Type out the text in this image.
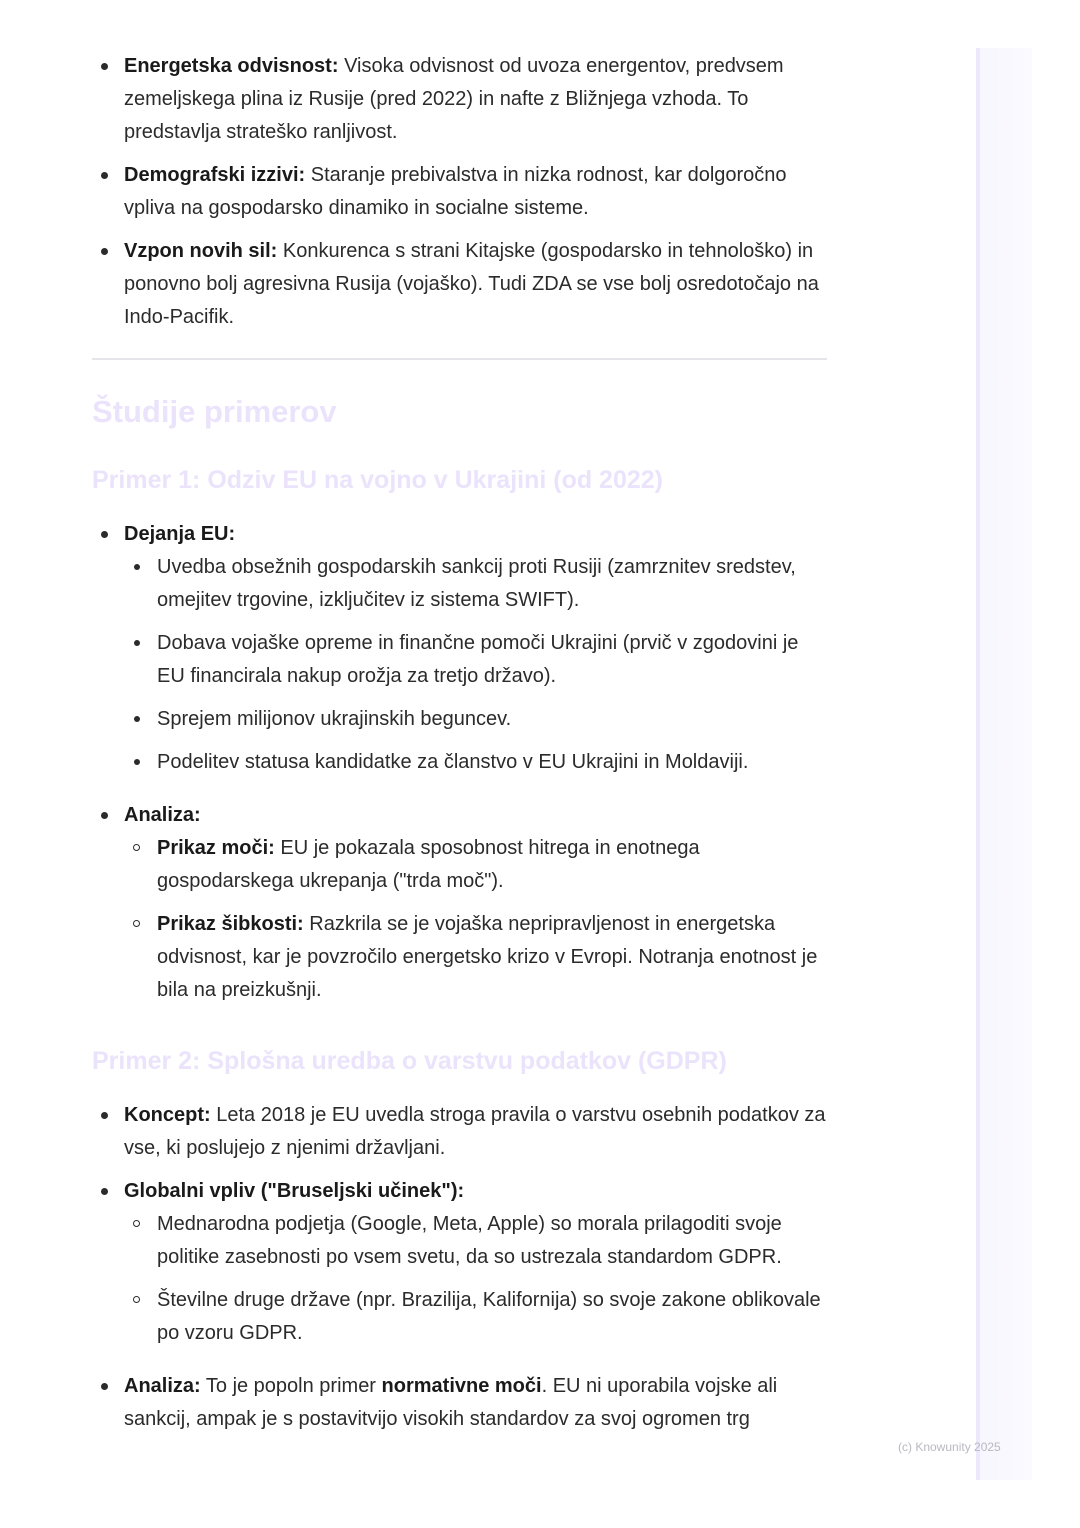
(c) Knowunity 2025
Energetska odvisnost: Visoka odvisnost od uvoza energentov, predvsem zemeljskega plina iz Rusije (pred 2022) in nafte z Bližnjega vzhoda. To predstavlja strateško ranljivost.
Demografski izzivi: Staranje prebivalstva in nizka rodnost, kar dolgoročno vpliva na gospodarsko dinamiko in socialne sisteme.
Vzpon novih sil: Konkurenca s strani Kitajske (gospodarsko in tehnološko) in ponovno bolj agresivna Rusija (vojaško). Tudi ZDA se vse bolj osredotočajo na Indo-Pacifik.
Študije primerov
Primer 1: Odziv EU na vojno v Ukrajini (od 2022)
Dejanja EU:
Uvedba obsežnih gospodarskih sankcij proti Rusiji (zamrznitev sredstev, omejitev trgovine, izključitev iz sistema SWIFT).
Dobava vojaške opreme in finančne pomoči Ukrajini (prvič v zgodovini je EU financirala nakup orožja za tretjo državo).
Sprejem milijonov ukrajinskih beguncev.
Podelitev statusa kandidatke za članstvo v EU Ukrajini in Moldaviji.
Analiza:
Prikaz moči: EU je pokazala sposobnost hitrega in enotnega gospodarskega ukrepanja ("trda moč").
Prikaz šibkosti: Razkrila se je vojaška nepripravljenost in energetska odvisnost, kar je povzročilo energetsko krizo v Evropi. Notranja enotnost je bila na preizkušnji.
Primer 2: Splošna uredba o varstvu podatkov (GDPR)
Koncept: Leta 2018 je EU uvedla stroga pravila o varstvu osebnih podatkov za vse, ki poslujejo z njenimi državljani.
Globalni vpliv ("Bruseljski učinek"):
Mednarodna podjetja (Google, Meta, Apple) so morala prilagoditi svoje politike zasebnosti po vsem svetu, da so ustrezala standardom GDPR.
Številne druge države (npr. Brazilija, Kalifornija) so svoje zakone oblikovale po vzoru GDPR.
Analiza: To je popoln primer normativne moči. EU ni uporabila vojske ali sankcij, ampak je s postavitvijo visokih standardov za svoj ogromen trg
